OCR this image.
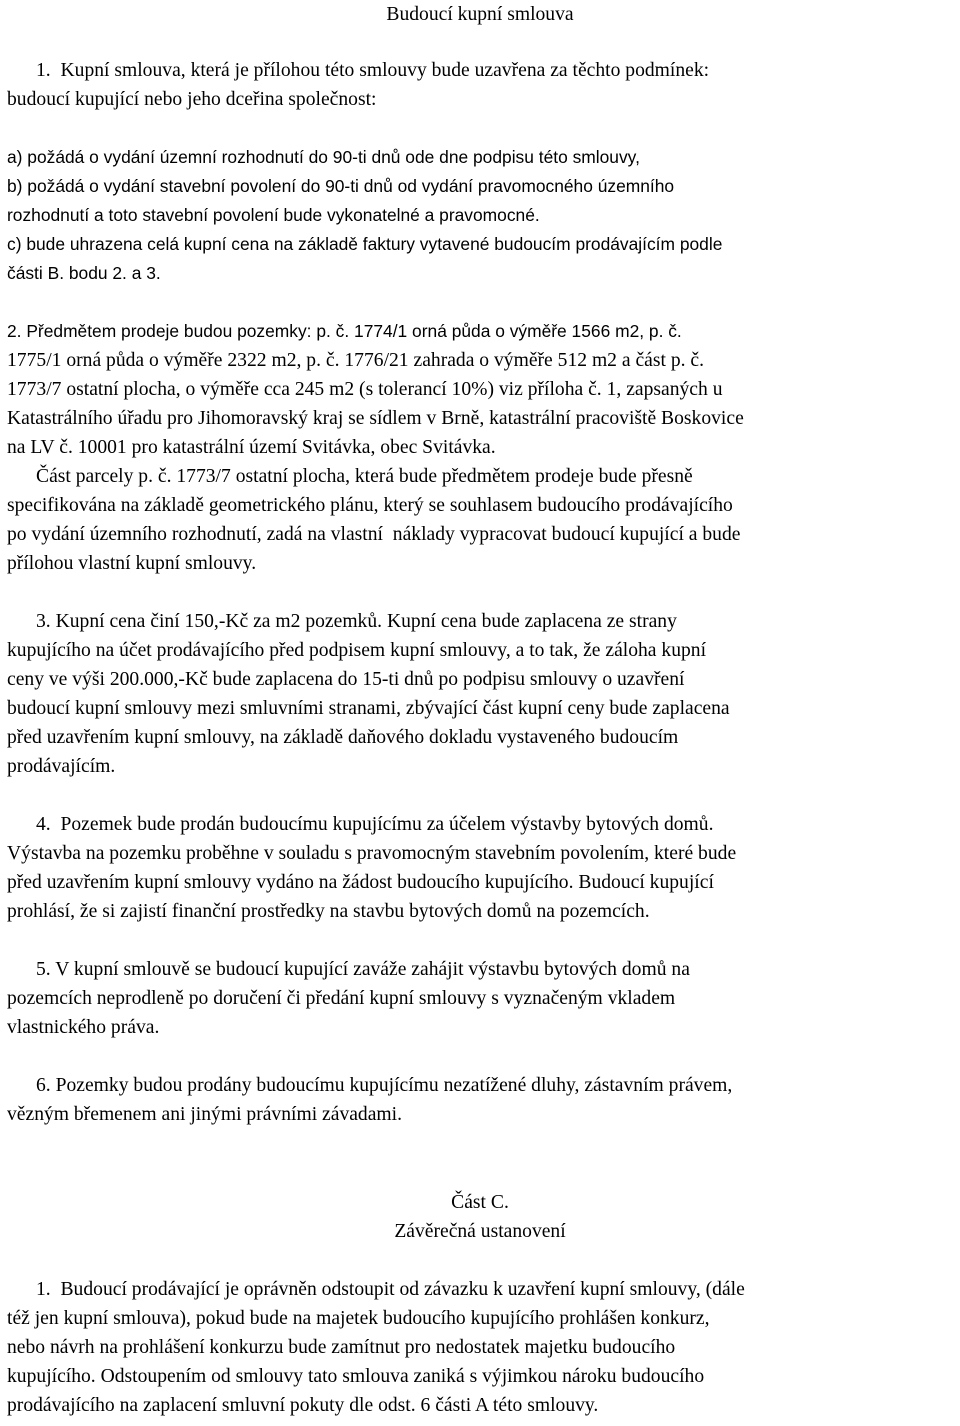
Budoucí kupní smlouva

1.  Kupní smlouva, která je přílohou této smlouvy bude uzavřena za těchto podmínek:

budoucí kupující nebo jeho dceřina společnost:

a) požádá o vydání územní rozhodnutí do 90-ti dnů ode dne podpisu této smlouvy,

b) požádá o vydání stavební povolení do 90-ti dnů od vydání pravomocného územního

rozhodnutí a toto stavební povolení bude vykonatelné a pravomocné.

c) bude uhrazena celá kupní cena na základě faktury vytavené budoucím prodávajícím podle

části B. bodu 2. a 3.

2. Předmětem prodeje budou pozemky: p. č. 1774/1 orná půda o výměře 1566 m2, p. č.

1775/1 orná půda o výměře 2322 m2, p. č. 1776/21 zahrada o výměře 512 m2 a část p. č.

1773/7 ostatní plocha, o výměře cca 245 m2 (s tolerancí 10%) viz příloha č. 1, zapsaných u

Katastrálního úřadu pro Jihomoravský kraj se sídlem v Brně, katastrální pracoviště Boskovice

na LV č. 10001 pro katastrální území Svitávka, obec Svitávka.

Část parcely p. č. 1773/7 ostatní plocha, která bude předmětem prodeje bude přesně

specifikována na základě geometrického plánu, který se souhlasem budoucího prodávajícího

po vydání územního rozhodnutí, zadá na vlastní  náklady vypracovat budoucí kupující a bude

přílohou vlastní kupní smlouvy.

3. Kupní cena činí 150,-Kč za m2 pozemků. Kupní cena bude zaplacena ze strany

kupujícího na účet prodávajícího před podpisem kupní smlouvy, a to tak, že záloha kupní

ceny ve výši 200.000,-Kč bude zaplacena do 15-ti dnů po podpisu smlouvy o uzavření

budoucí kupní smlouvy mezi smluvními stranami, zbývající část kupní ceny bude zaplacena

před uzavřením kupní smlouvy, na základě daňového dokladu vystaveného budoucím

prodávajícím.

4.  Pozemek bude prodán budoucímu kupujícímu za účelem výstavby bytových domů.

Výstavba na pozemku proběhne v souladu s pravomocným stavebním povolením, které bude

před uzavřením kupní smlouvy vydáno na žádost budoucího kupujícího. Budoucí kupující

prohlásí, že si zajistí finanční prostředky na stavbu bytových domů na pozemcích.

5. V kupní smlouvě se budoucí kupující zaváže zahájit výstavbu bytových domů na

pozemcích neprodleně po doručení či předání kupní smlouvy s vyznačeným vkladem

vlastnického práva.

6. Pozemky budou prodány budoucímu kupujícímu nezatížené dluhy, zástavním právem,

vězným břemenem ani jinými právními závadami.

Část C.

Závěrečná ustanovení

1.  Budoucí prodávající je oprávněn odstoupit od závazku k uzavření kupní smlouvy, (dále

též jen kupní smlouva), pokud bude na majetek budoucího kupujícího prohlášen konkurz,

nebo návrh na prohlášení konkurzu bude zamítnut pro nedostatek majetku budoucího

kupujícího. Odstoupením od smlouvy tato smlouva zaniká s výjimkou nároku budoucího

prodávajícího na zaplacení smluvní pokuty dle odst. 6 části A této smlouvy.
